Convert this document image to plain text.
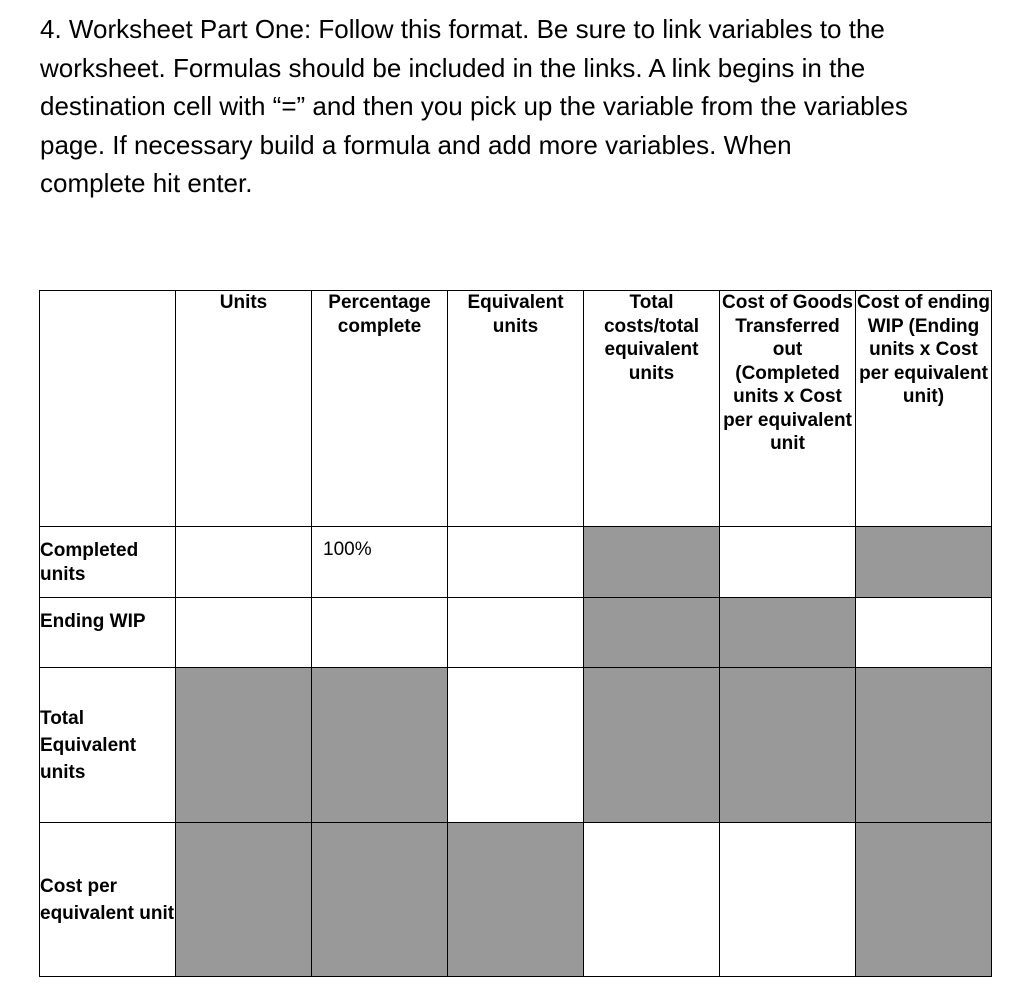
4. Worksheet Part One: Follow this format. Be sure to link variables to the
worksheet. Formulas should be included in the links. A link begins in the
destination cell with “=” and then you pick up the variable from the variables
page. If necessary build a formula and add more variables. When
complete hit enter.
	Units	Percentage complete	Equivalent units	Total costs/total equivalent units	Cost of Goods Transferred out (Completed units x Cost per equivalent unit	Cost of ending WIP (Ending units x Cost per equivalent unit)
Completed units		100%				

Ending WIP	

Total Equivalent units	

Cost per equivalent unit	
